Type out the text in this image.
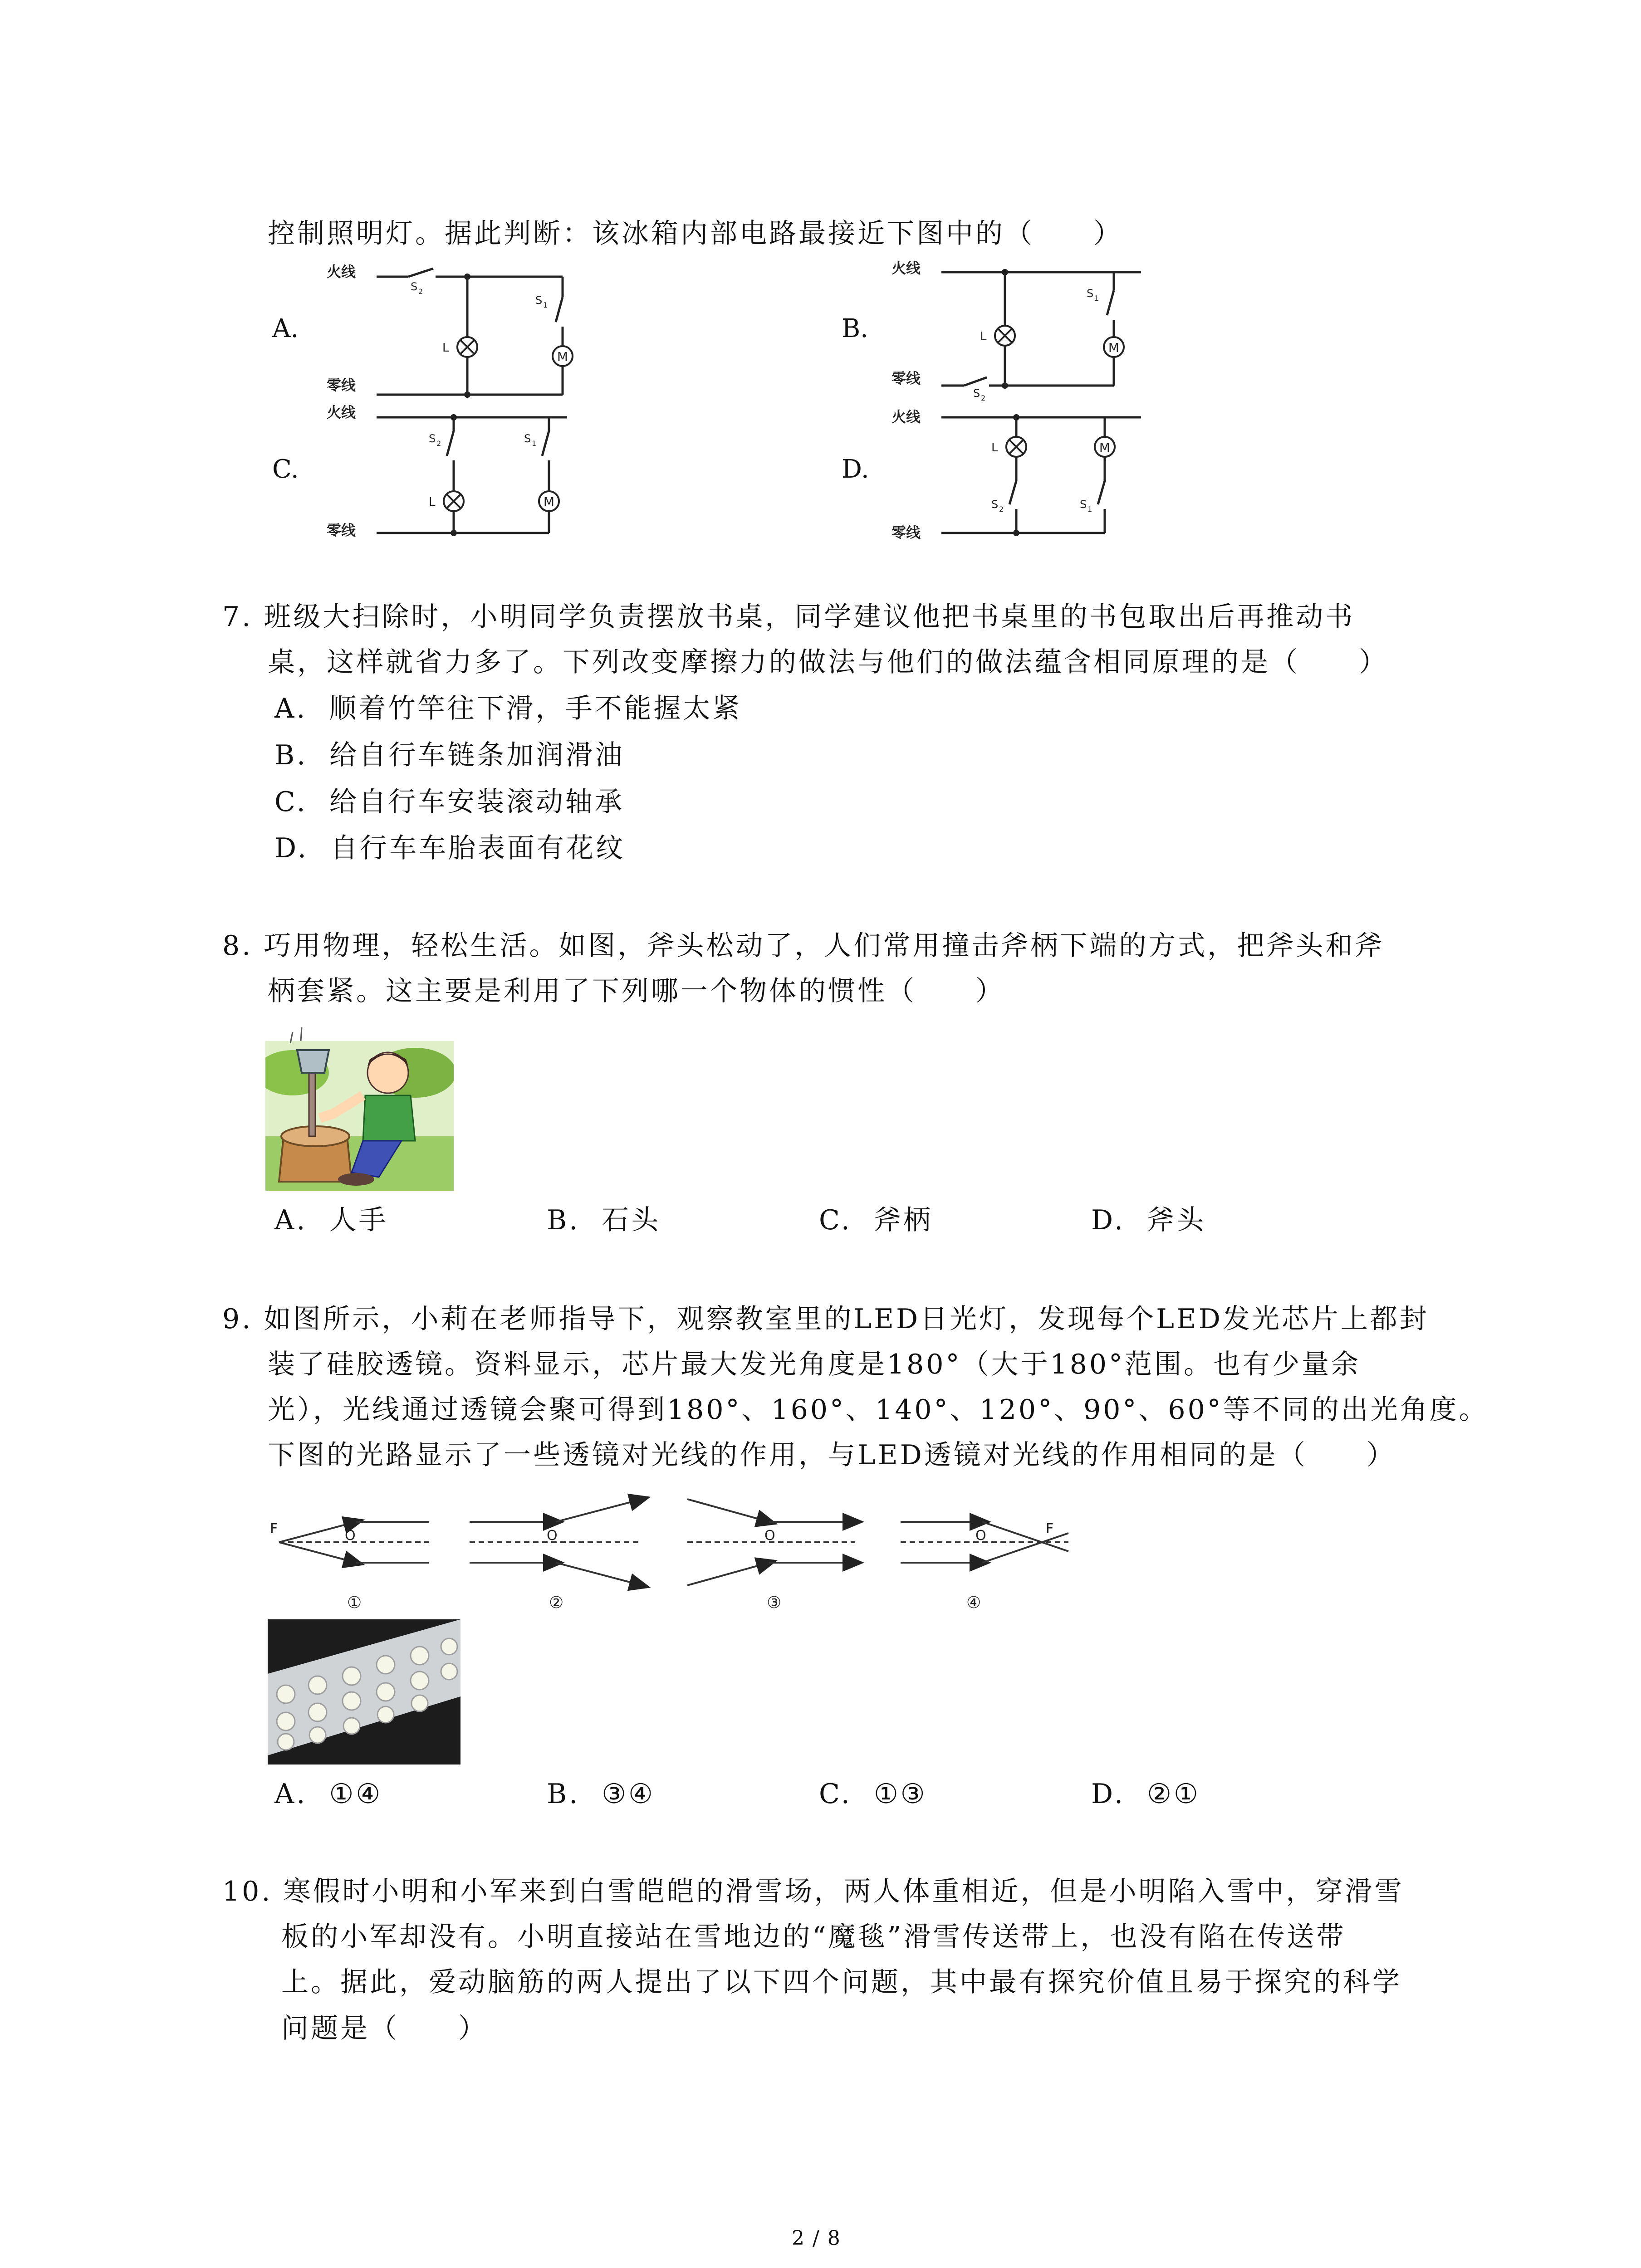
控制照明灯。据此判断：该冰箱内部电路最接近下图中的（　　）
A.	B.
C.	D.
M
火线
零线
L
S 2
S 1
M
火线
零线
L
S 2
S 1
M
火线
零线
L
S 2	S 1	M
火线
零线
L
S 2	S 1
7. 班级大扫除时，小明同学负责摆放书桌，同学建议他把书桌里的书包取出后再推动书
桌，这样就省力多了。下列改变摩擦力的做法与他们的做法蕴含相同原理的是（　　）
A.  顺着竹竿往下滑，手不能握太紧
B.  给自行车链条加润滑油
C.  给自行车安装滚动轴承
D.  自行车车胎表面有花纹
8. 巧用物理，轻松生活。如图，斧头松动了，人们常用撞击斧柄下端的方式，把斧头和斧
柄套紧。这主要是利用了下列哪一个物体的惯性（　　）
A.  人手	B.  石头	C.  斧柄	D.  斧头
9. 如图所示，小莉在老师指导下，观察教室里的LED日光灯，发现每个LED发光芯片上都封
装了硅胶透镜。资料显示，芯片最大发光角度是180°（大于180°范围。也有少量余
光），光线通过透镜会聚可得到180°、160°、140°、120°、90°、60°等不同的出光角度。
下图的光路显示了一些透镜对光线的作用，与LED透镜对光线的作用相同的是（　　）
F	O
①
O
②
O
③
O	F
④
A.  ①④	B.  ③④	C.  ①③	D.  ②①
10. 寒假时小明和小军来到白雪皑皑的滑雪场，两人体重相近，但是小明陷入雪中，穿滑雪
板的小军却没有。小明直接站在雪地边的“魔毯”滑雪传送带上，也没有陷在传送带
上。据此，爱动脑筋的两人提出了以下四个问题，其中最有探究价值且易于探究的科学
问题是（　　）
2 / 8
